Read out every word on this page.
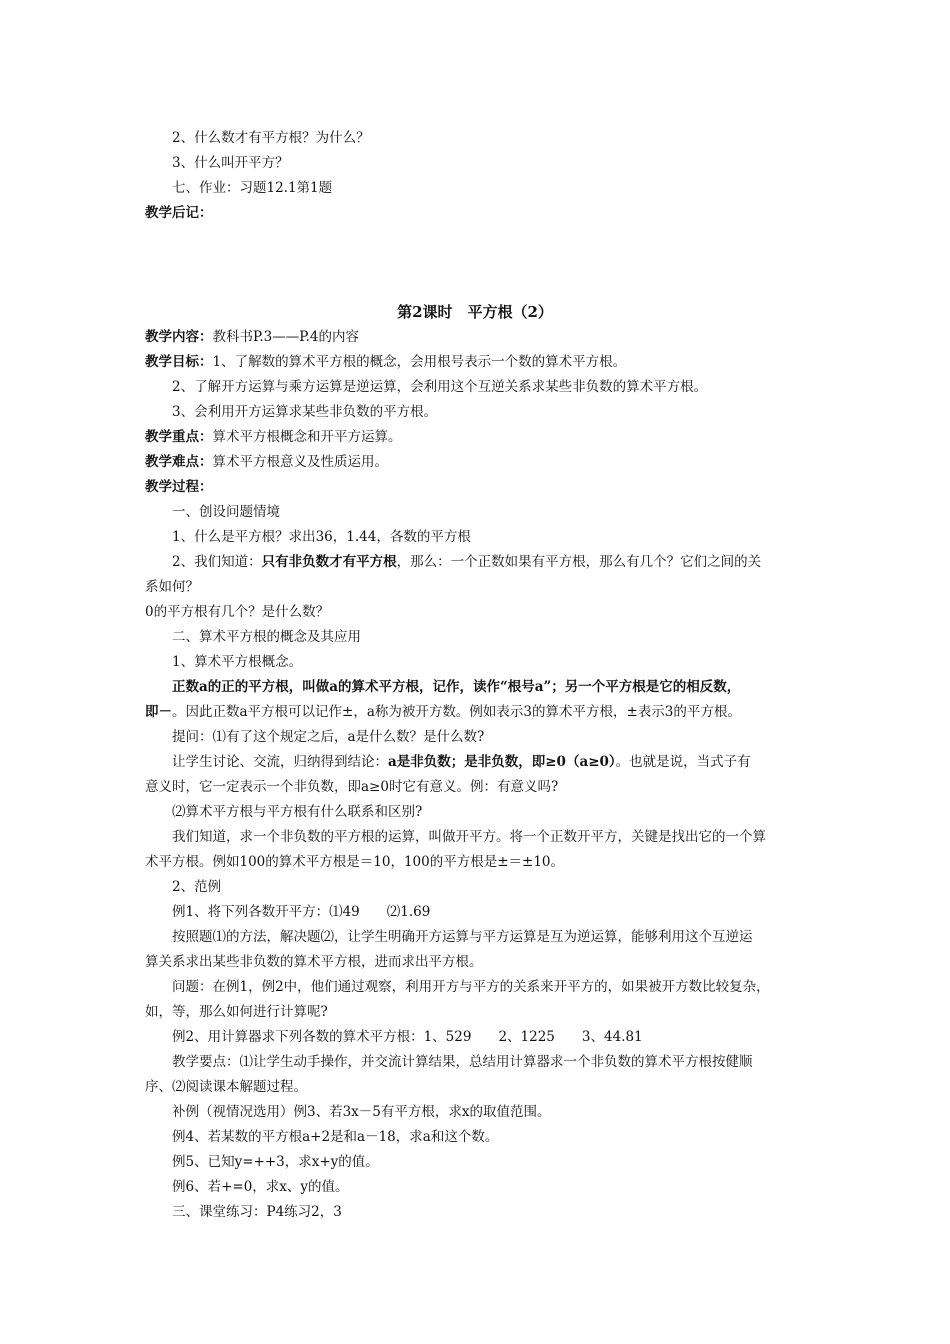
2、什么数才有平方根？为什么？
3、什么叫开平方？
七、作业：习题12.1第1题
教学后记：
第2课时　平方根（2）
教学内容：教科书P.3——P.4的内容
教学目标：1、了解数的算术平方根的概念，会用根号表示一个数的算术平方根。
2、了解开方运算与乘方运算是逆运算，会利用这个互逆关系求某些非负数的算术平方根。
3、会利用开方运算求某些非负数的平方根。
教学重点：算术平方根概念和开平方运算。
教学难点：算术平方根意义及性质运用。
教学过程：
一、创设问题情境
1、什么是平方根？求出36，1.44，各数的平方根
2、我们知道：只有非负数才有平方根，那么：一个正数如果有平方根，那么有几个？它们之间的关
系如何？
0的平方根有几个？是什么数？
二、算术平方根的概念及其应用
1、算术平方根概念。
正数a的正的平方根，叫做a的算术平方根，记作，读作“根号a”；另一个平方根是它的相反数，
即－。因此正数a平方根可以记作±，a称为被开方数。例如表示3的算术平方根，±表示3的平方根。
提问：⑴有了这个规定之后，a是什么数？是什么数?
让学生讨论、交流，归纳得到结论：a是非负数；是非负数，即≥0（a≥0）。也就是说，当式子有
意义时，它一定表示一个非负数，即a≥0时它有意义。例：有意义吗?
⑵算术平方根与平方根有什么联系和区别?
我们知道，求一个非负数的平方根的运算，叫做开平方。将一个正数开平方，关键是找出它的一个算
术平方根。例如100的算术平方根是＝10，100的平方根是±＝±10。
2、范例
例1、将下列各数开平方：⑴49　　⑵1.69
按照题⑴的方法，解决题⑵，让学生明确开方运算与平方运算是互为逆运算，能够利用这个互逆运
算关系求出某些非负数的算术平方根，进而求出平方根。
问题：在例1，例2中，他们通过观察，利用开方与平方的关系来开平方的，如果被开方数比较复杂，
如，等，那么如何进行计算呢?
例2、用计算器求下列各数的算术平方根：1、529　　2、1225　　3、44.81
教学要点：⑴让学生动手操作，并交流计算结果，总结用计算器求一个非负数的算术平方根按健顺
序、⑵阅读课本解题过程。
补例（视情况选用）例3、若3x－5有平方根，求x的取值范围。
例4、若某数的平方根a+2是和a－18，求a和这个数。
例5、已知y=++3，求x+y的值。
例6、若+=0，求x、y的值。
三、课堂练习：P4练习2，3
